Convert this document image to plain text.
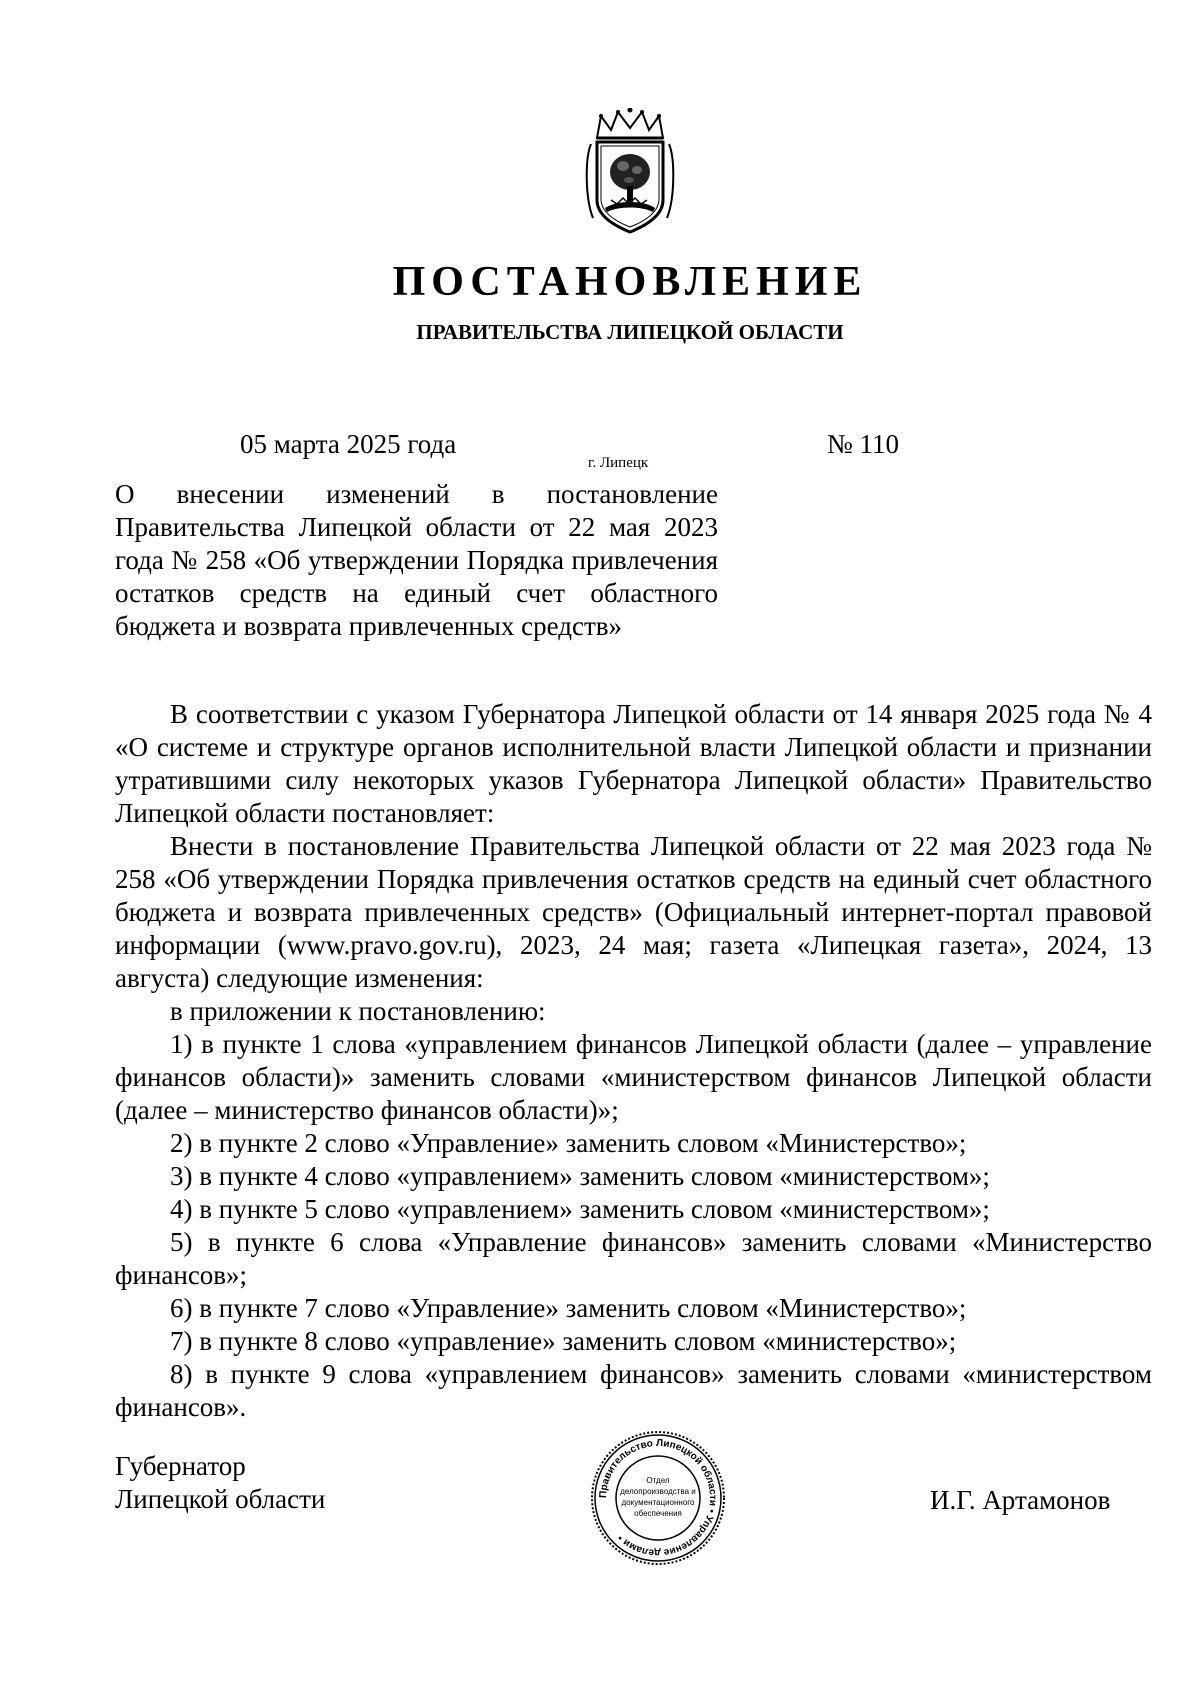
ПОСТАНОВЛЕНИЕ
ПРАВИТЕЛЬСТВА ЛИПЕЦКОЙ ОБЛАСТИ
05 марта 2025 года
г. Липецк
№ 110
О внесении изменений в постановление Правительства Липецкой области от 22 мая 2023 года № 258 «Об утверждении Порядка привлечения остатков средств на единый счет областного бюджета и возврата привлеченных средств»

В соответствии с указом Губернатора Липецкой области от 14 января 2025 года № 4 «О системе и структуре органов исполнительной власти Липецкой области и признании утратившими силу некоторых указов Губернатора Липецкой области» Правительство Липецкой области постановляет:

Внести в постановление Правительства Липецкой области от 22 мая 2023 года № 258 «Об утверждении Порядка привлечения остатков средств на единый счет областного бюджета и возврата привлеченных средств» (Официальный интернет-портал правовой информации (www.pravo.gov.ru), 2023, 24 мая; газета «Липецкая газета», 2024, 13 августа) следующие изменения:

в приложении к постановлению:

1) в пункте 1 слова «управлением финансов Липецкой области (далее – управление финансов области)» заменить словами «министерством финансов Липецкой области (далее – министерство финансов области)»;

2) в пункте 2 слово «Управление» заменить словом «Министерство»;

3) в пункте 4 слово «управлением» заменить словом «министерством»;

4) в пункте 5 слово «управлением» заменить словом «министерством»;

5) в пункте 6 слова «Управление финансов» заменить словами «Министерство финансов»;

6) в пункте 7 слово «Управление» заменить словом «Министерство»;

7) в пункте 8 слово «управление» заменить словом «министерство»;

8) в пункте 9 слова «управлением финансов» заменить словами «министерством финансов».

Губернатор
Липецкой области	И.Г. Артамонов
Правительство Липецкой области • Управление делами •
Отдел
делопроизводства и
документационного
обеспечения
